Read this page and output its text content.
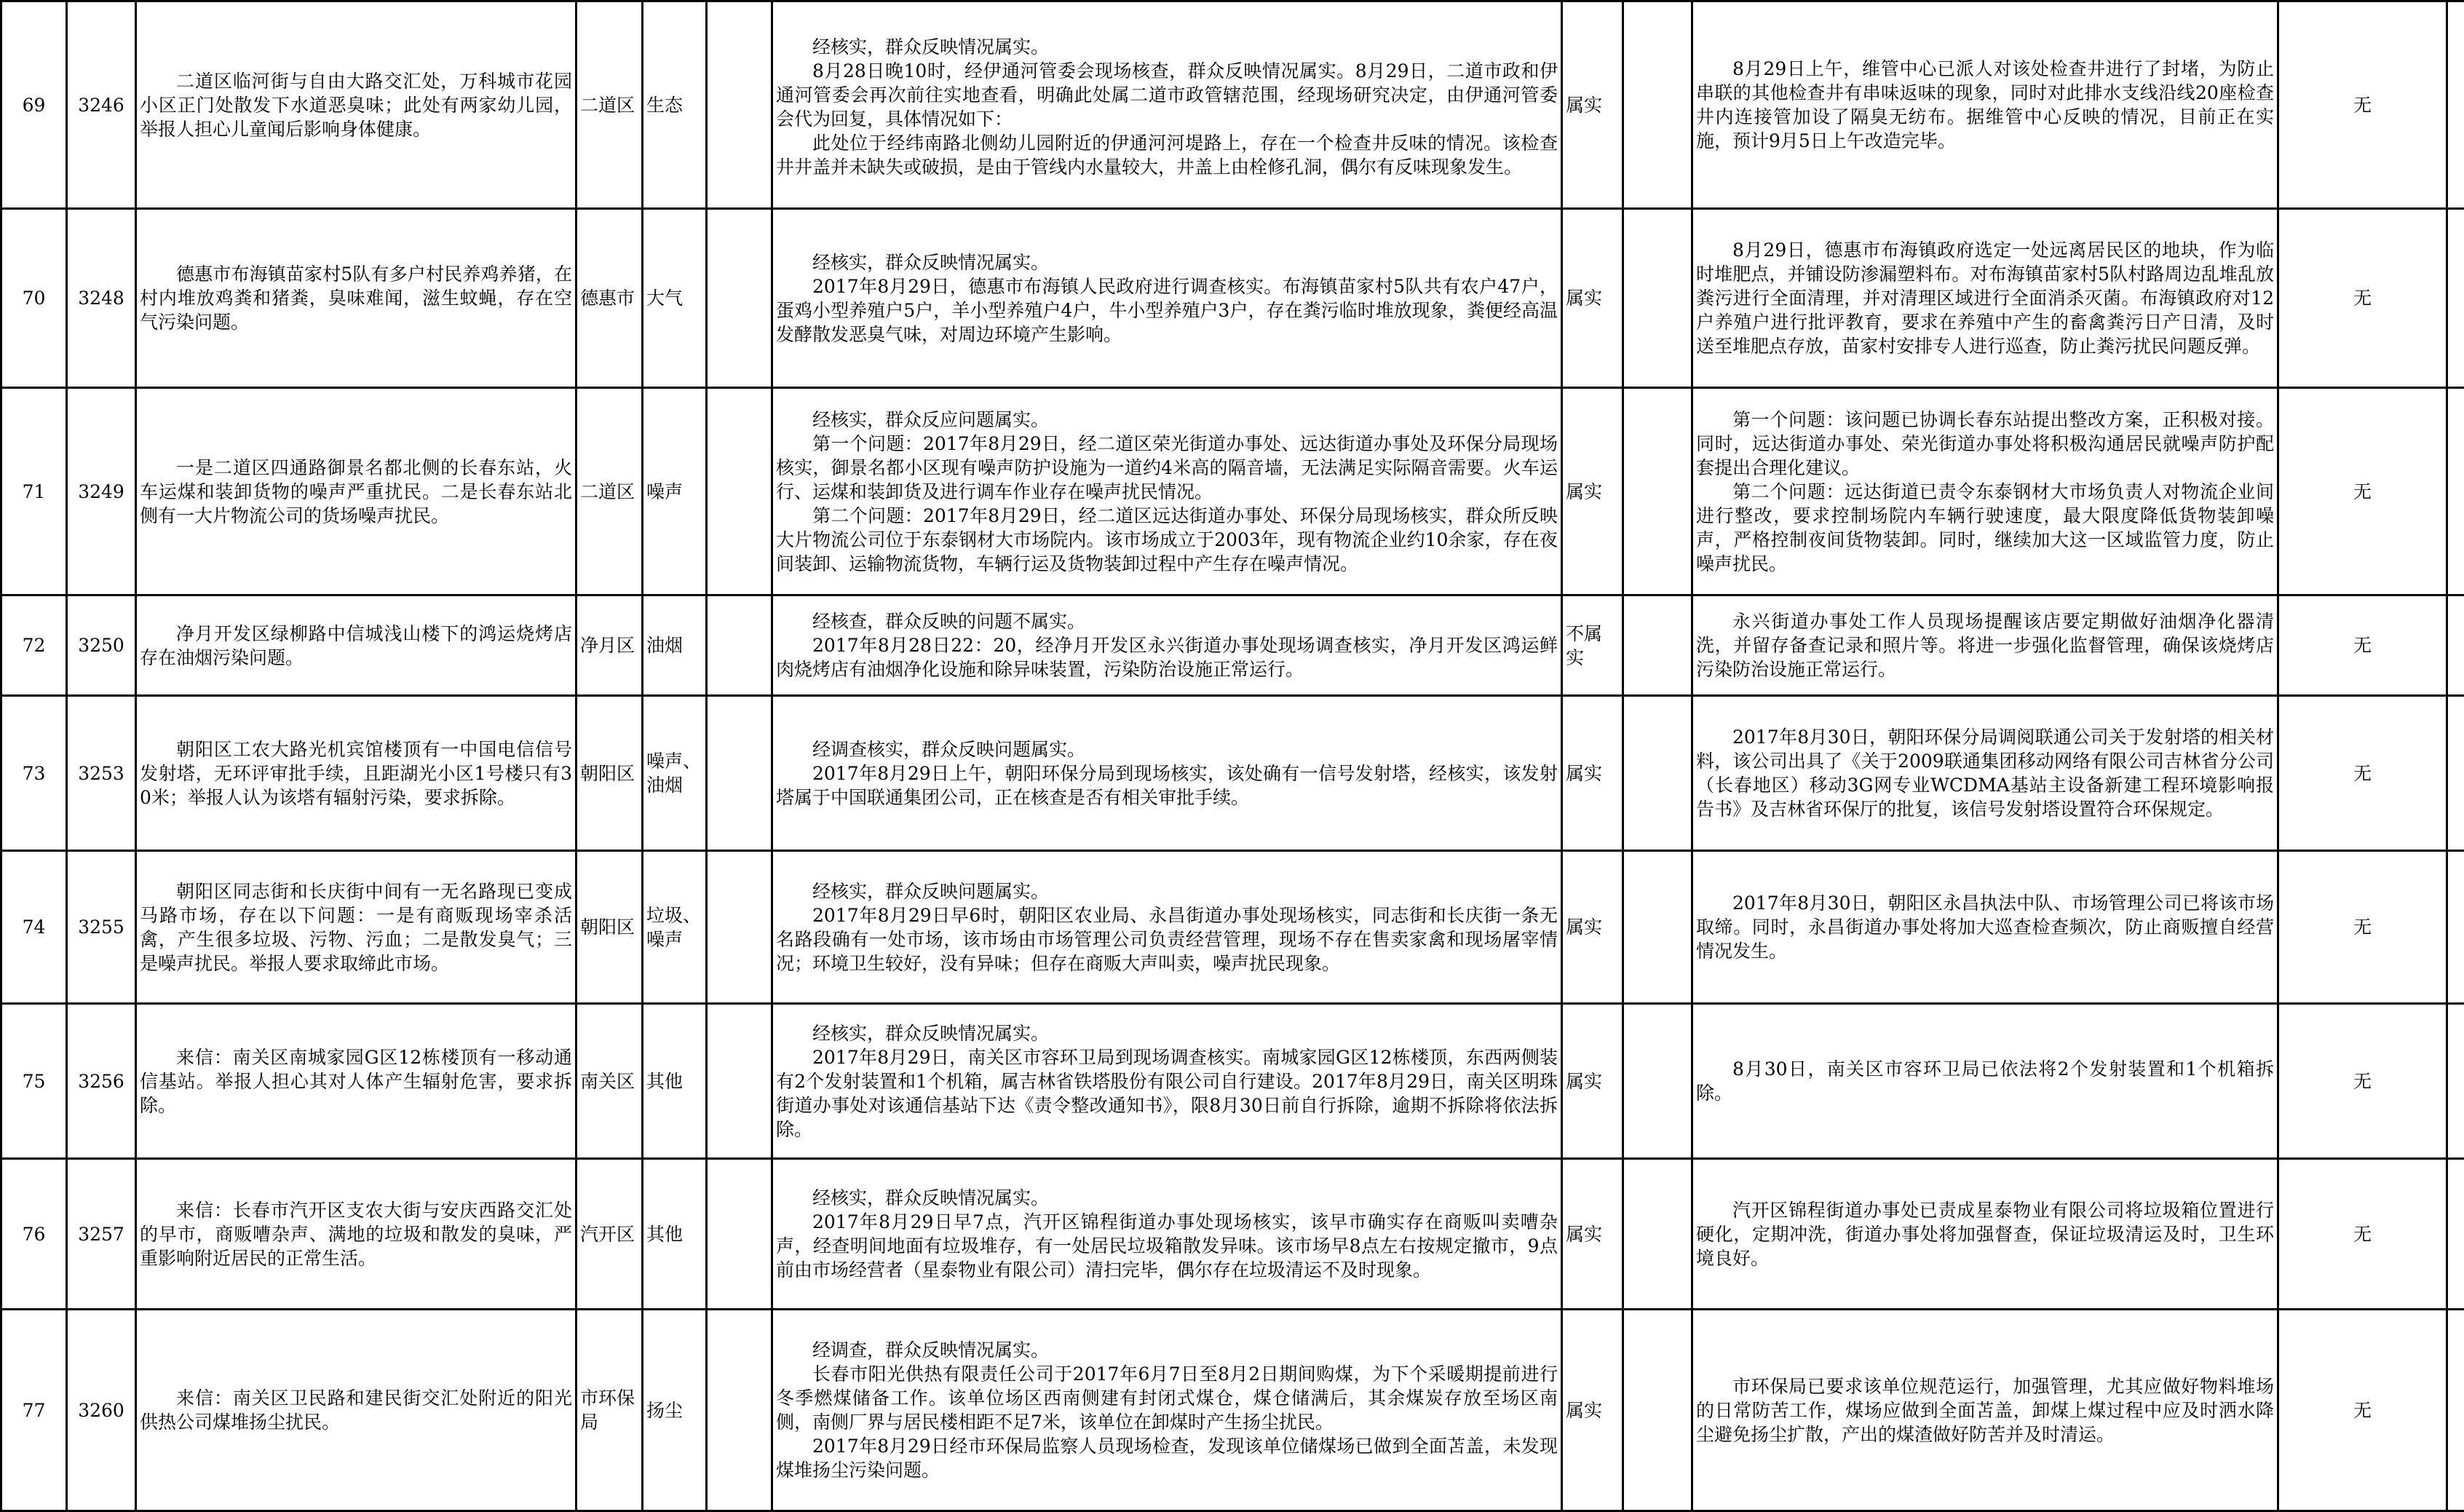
69	3246	二道区临河街与自由大路交汇处，万科城市花园小区正门处散发下水道恶臭味；此处有两家幼儿园，举报人担心儿童闻后影响身体健康。	二道区	生态		经核实，群众反映情况属实。
8月28日晚10时，经伊通河管委会现场核查，群众反映情况属实。8月29日，二道市政和伊通河管委会再次前往实地查看，明确此处属二道市政管辖范围，经现场研究决定，由伊通河管委会代为回复，具体情况如下：
此处位于经纬南路北侧幼儿园附近的伊通河河堤路上，存在一个检查井反味的情况。该检查井井盖并未缺失或破损，是由于管线内水量较大，井盖上由栓修孔洞，偶尔有反味现象发生。	属实		8月29日上午，维管中心已派人对该处检查井进行了封堵，为防止串联的其他检查井有串味返味的现象，同时对此排水支线沿线20座检查井内连接管加设了隔臭无纺布。据维管中心反映的情况，目前正在实施，预计9月5日上午改造完毕。	无		
70	3248	德惠市布海镇苗家村5队有多户村民养鸡养猪，在村内堆放鸡粪和猪粪，臭味难闻，滋生蚊蝇，存在空气污染问题。	德惠市	大气		经核实，群众反映情况属实。
2017年8月29日，德惠市布海镇人民政府进行调查核实。布海镇苗家村5队共有农户47户，蛋鸡小型养殖户5户，羊小型养殖户4户，牛小型养殖户3户，存在粪污临时堆放现象，粪便经高温发酵散发恶臭气味，对周边环境产生影响。	属实		8月29日，德惠市布海镇政府选定一处远离居民区的地块，作为临时堆肥点，并铺设防渗漏塑料布。对布海镇苗家村5队村路周边乱堆乱放粪污进行全面清理，并对清理区域进行全面消杀灭菌。布海镇政府对12户养殖户进行批评教育，要求在养殖中产生的畜禽粪污日产日清，及时送至堆肥点存放，苗家村安排专人进行巡查，防止粪污扰民问题反弹。	无		
71	3249	一是二道区四通路御景名都北侧的长春东站，火车运煤和装卸货物的噪声严重扰民。二是长春东站北侧有一大片物流公司的货场噪声扰民。	二道区	噪声		经核实，群众反应问题属实。
第一个问题：2017年8月29日，经二道区荣光街道办事处、远达街道办事处及环保分局现场核实，御景名都小区现有噪声防护设施为一道约4米高的隔音墙，无法满足实际隔音需要。火车运行、运煤和装卸货及进行调车作业存在噪声扰民情况。
第二个问题：2017年8月29日，经二道区远达街道办事处、环保分局现场核实，群众所反映大片物流公司位于东泰钢材大市场院内。该市场成立于2003年，现有物流企业约10余家，存在夜间装卸、运输物流货物，车辆行运及货物装卸过程中产生存在噪声情况。	属实		第一个问题：该问题已协调长春东站提出整改方案，正积极对接。同时，远达街道办事处、荣光街道办事处将积极沟通居民就噪声防护配套提出合理化建议。
第二个问题：远达街道已责令东泰钢材大市场负责人对物流企业间进行整改，要求控制场院内车辆行驶速度，最大限度降低货物装卸噪声，严格控制夜间货物装卸。同时，继续加大这一区域监管力度，防止噪声扰民。	无		
72	3250	净月开发区绿柳路中信城浅山楼下的鸿运烧烤店存在油烟污染问题。	净月区	油烟		经核查，群众反映的问题不属实。
2017年8月28日22：20，经净月开发区永兴街道办事处现场调查核实，净月开发区鸿运鲜肉烧烤店有油烟净化设施和除异味装置，污染防治设施正常运行。	不属实		永兴街道办事处工作人员现场提醒该店要定期做好油烟净化器清洗，并留存备查记录和照片等。将进一步强化监督管理，确保该烧烤店污染防治设施正常运行。	无		
73	3253	朝阳区工农大路光机宾馆楼顶有一中国电信信号发射塔，无环评审批手续，且距湖光小区1号楼只有30米；举报人认为该塔有辐射污染，要求拆除。	朝阳区	噪声、油烟		经调查核实，群众反映问题属实。
2017年8月29日上午，朝阳环保分局到现场核实，该处确有一信号发射塔，经核实，该发射塔属于中国联通集团公司，正在核查是否有相关审批手续。	属实		2017年8月30日，朝阳环保分局调阅联通公司关于发射塔的相关材料，该公司出具了《关于2009联通集团移动网络有限公司吉林省分公司（长春地区）移动3G网专业WCDMA基站主设备新建工程环境影响报告书》及吉林省环保厅的批复，该信号发射塔设置符合环保规定。	无		
74	3255	朝阳区同志街和长庆街中间有一无名路现已变成马路市场，存在以下问题：一是有商贩现场宰杀活禽，产生很多垃圾、污物、污血；二是散发臭气；三是噪声扰民。举报人要求取缔此市场。	朝阳区	垃圾、噪声		经核实，群众反映问题属实。
2017年8月29日早6时，朝阳区农业局、永昌街道办事处现场核实，同志街和长庆街一条无名路段确有一处市场，该市场由市场管理公司负责经营管理，现场不存在售卖家禽和现场屠宰情况；环境卫生较好，没有异味；但存在商贩大声叫卖，噪声扰民现象。	属实		2017年8月30日，朝阳区永昌执法中队、市场管理公司已将该市场取缔。同时，永昌街道办事处将加大巡查检查频次，防止商贩擅自经营情况发生。	无		
75	3256	来信：南关区南城家园G区12栋楼顶有一移动通信基站。举报人担心其对人体产生辐射危害，要求拆除。	南关区	其他		经核实，群众反映情况属实。
2017年8月29日，南关区市容环卫局到现场调查核实。南城家园G区12栋楼顶，东西两侧装有2个发射装置和1个机箱，属吉林省铁塔股份有限公司自行建设。2017年8月29日，南关区明珠街道办事处对该通信基站下达《责令整改通知书》，限8月30日前自行拆除，逾期不拆除将依法拆除。	属实		8月30日，南关区市容环卫局已依法将2个发射装置和1个机箱拆除。	无		
76	3257	来信：长春市汽开区支农大街与安庆西路交汇处的早市，商贩嘈杂声、满地的垃圾和散发的臭味，严重影响附近居民的正常生活。	汽开区	其他		经核实，群众反映情况属实。
2017年8月29日早7点，汽开区锦程街道办事处现场核实，该早市确实存在商贩叫卖嘈杂声，经查明间地面有垃圾堆存，有一处居民垃圾箱散发异味。该市场早8点左右按规定撤市，9点前由市场经营者（星泰物业有限公司）清扫完毕，偶尔存在垃圾清运不及时现象。	属实		汽开区锦程街道办事处已责成星泰物业有限公司将垃圾箱位置进行硬化，定期冲洗，街道办事处将加强督查，保证垃圾清运及时，卫生环境良好。	无		
77	3260	来信：南关区卫民路和建民街交汇处附近的阳光供热公司煤堆扬尘扰民。	市环保局	扬尘		经调查，群众反映情况属实。
长春市阳光供热有限责任公司于2017年6月7日至8月2日期间购煤，为下个采暖期提前进行冬季燃煤储备工作。该单位场区西南侧建有封闭式煤仓，煤仓储满后，其余煤炭存放至场区南侧，南侧厂界与居民楼相距不足7米，该单位在卸煤时产生扬尘扰民。
2017年8月29日经市环保局监察人员现场检查，发现该单位储煤场已做到全面苫盖，未发现煤堆扬尘污染问题。	属实		市环保局已要求该单位规范运行，加强管理，尤其应做好物料堆场的日常防苦工作，煤场应做到全面苫盖，卸煤上煤过程中应及时洒水降尘避免扬尘扩散，产出的煤渣做好防苦并及时清运。	无		
